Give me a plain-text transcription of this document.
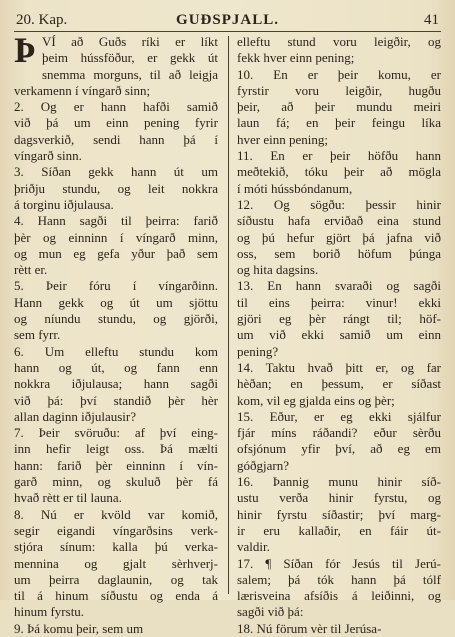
20. Kap.	GUÐSPJALL.	41
Þ VÍ að Guðs ríki er líkt
þeim hússföður, er gekk út
snemma morguns, til að leigja
verkamenn í víngarð sinn;
2. Og er hann hafði samið
við þá um einn pening fyrir
dagsverkið, sendi hann þá í
víngarð sinn.
3. Síðan gekk hann út um
þriðju stundu, og leit nokkra
á torginu iðjulausa.
4. Hann sagði til þeirra: farið
þèr og einninn í víngarð minn,
og mun eg gefa yður það sem
rètt er.
5. Þeir fóru í víngarðinn.
Hann gekk og út um sjöttu
og níundu stundu, og gjörði,
sem fyrr.
6. Um elleftu stundu kom
hann og út, og fann enn
nokkra iðjulausa; hann sagði
við þá: því standið þèr hèr
allan daginn iðjulausir?
7. Þeir svöruðu: af því eing-
inn hefir leigt oss. Þá mælti
hann: farið þèr einninn í vín-
garð minn, og skuluð þèr fá
hvað rètt er til launa.
8. Nú er kvöld var komið,
segir eigandi víngarðsins verk-
stjóra sínum: kalla þú verka-
mennina og gjalt sèrhverj-
um þeirra daglaunin, og tak
til á hinum síðustu og enda á
hinum fyrstu.
9. Þá komu þeir, sem um
elleftu stund voru leigðir, og
fekk hver einn pening;
10. En er þeir komu, er
fyrstir voru leigðir, hugðu
þeir, að þeir mundu meiri
laun fá; en þeir feingu líka
hver einn pening;
11. En er þeir höfðu hann
meðtekið, tóku þeir að mögla
í móti hússbóndanum,
12. Og sögðu: þessir hinir
síðustu hafa erviðað eina stund
og þú hefur gjört þá jafna við
oss, sem borið höfum þúnga
og hita dagsins.
13. En hann svaraði og sagði
til eins þeirra: vinur! ekki
gjöri eg þèr rángt til; höf-
um við ekki samið um einn
pening?
14. Taktu hvað þitt er, og far
hèðan; en þessum, er síðast
kom, vil eg gjalda eins og þèr;
15. Eður, er eg ekki sjálfur
fjár míns ráðandi? eður sèrðu
ofsjónum yfir því, að eg em
góðgjarn?
16. Þannig munu hinir síð-
ustu verða hinir fyrstu, og
hinir fyrstu síðastir; því marg-
ir eru kallaðir, en fáir út-
valdir.
17. ¶ Síðan fór Jesús til Jerú-
salem; þá tók hann þá tólf
lærisveina afsíðis á leiðinni, og
sagði við þá:
18. Nú förum vèr til Jerúsa-
